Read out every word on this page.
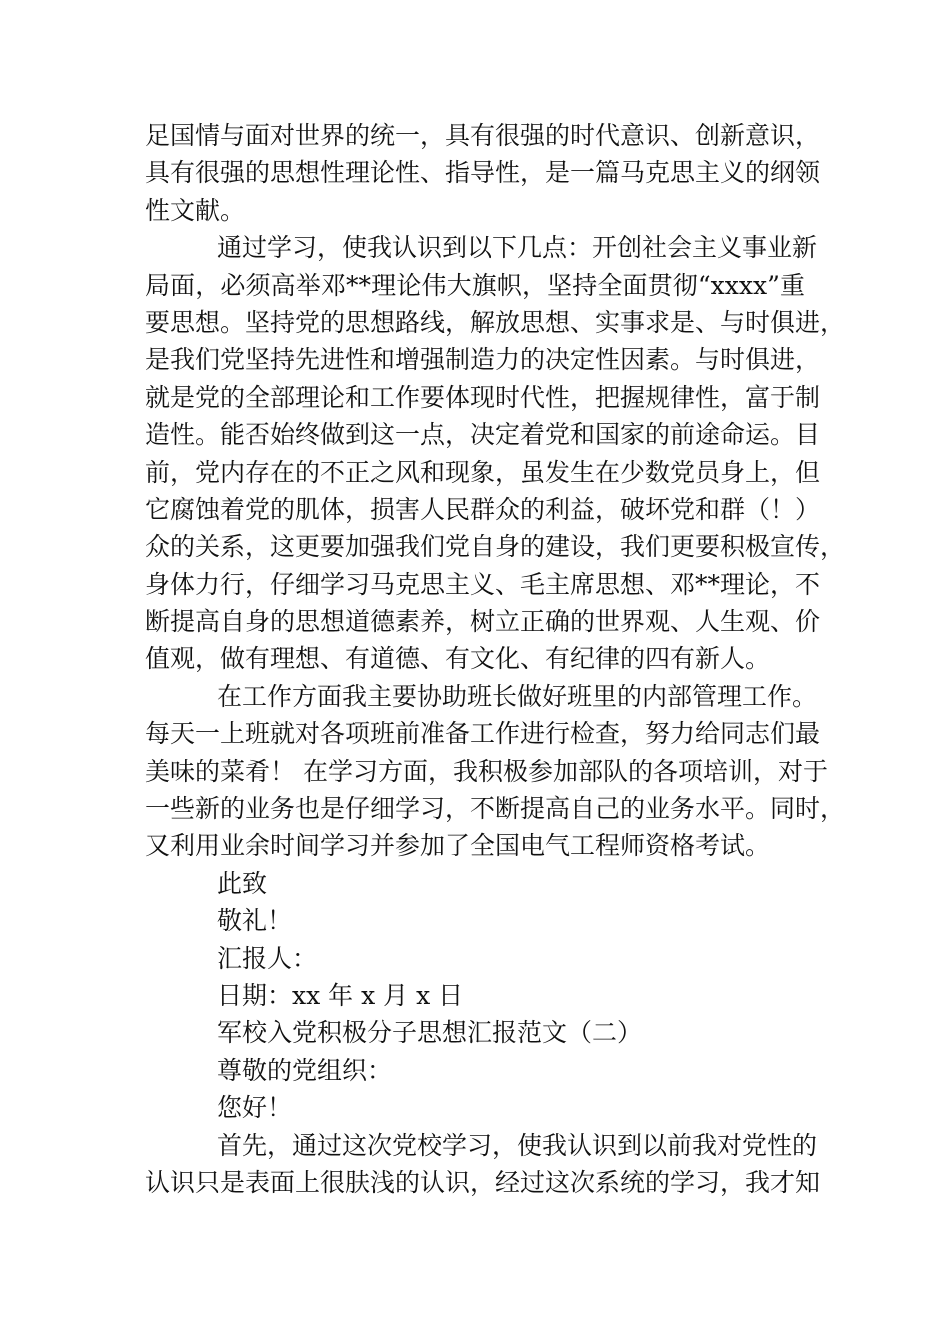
足国情与面对世界的统一，具有很强的时代意识、创新意识，
具有很强的思想性理论性、指导性，是一篇马克思主义的纲领
性文献。
通过学习，使我认识到以下几点：开创社会主义事业新
局面，必须高举邓**理论伟大旗帜，坚持全面贯彻“xxxx”重
要思想。坚持党的思想路线，解放思想、实事求是、与时俱进，
是我们党坚持先进性和增强制造力的决定性因素。与时俱进，
就是党的全部理论和工作要体现时代性，把握规律性，富于制
造性。能否始终做到这一点，决定着党和国家的前途命运。目
前，党内存在的不正之风和现象，虽发生在少数党员身上，但
它腐蚀着党的肌体，损害人民群众的利益，破坏党和群（！）
众的关系，这更要加强我们党自身的建设，我们更要积极宣传，
身体力行，仔细学习马克思主义、毛主席思想、邓**理论，不
断提高自身的思想道德素养，树立正确的世界观、人生观、价
值观，做有理想、有道德、有文化、有纪律的四有新人。
在工作方面我主要协助班长做好班里的内部管理工作。
每天一上班就对各项班前准备工作进行检查，努力给同志们最
美味的菜肴！ 在学习方面，我积极参加部队的各项培训，对于
一些新的业务也是仔细学习，不断提高自己的业务水平。同时，
又利用业余时间学习并参加了全国电气工程师资格考试。
此致
敬礼！
汇报人：
日期：xx 年 x 月 x 日
军校入党积极分子思想汇报范文（二）
尊敬的党组织：
您好！
首先，通过这次党校学习，使我认识到以前我对党性的
认识只是表面上很肤浅的认识，经过这次系统的学习，我才知
